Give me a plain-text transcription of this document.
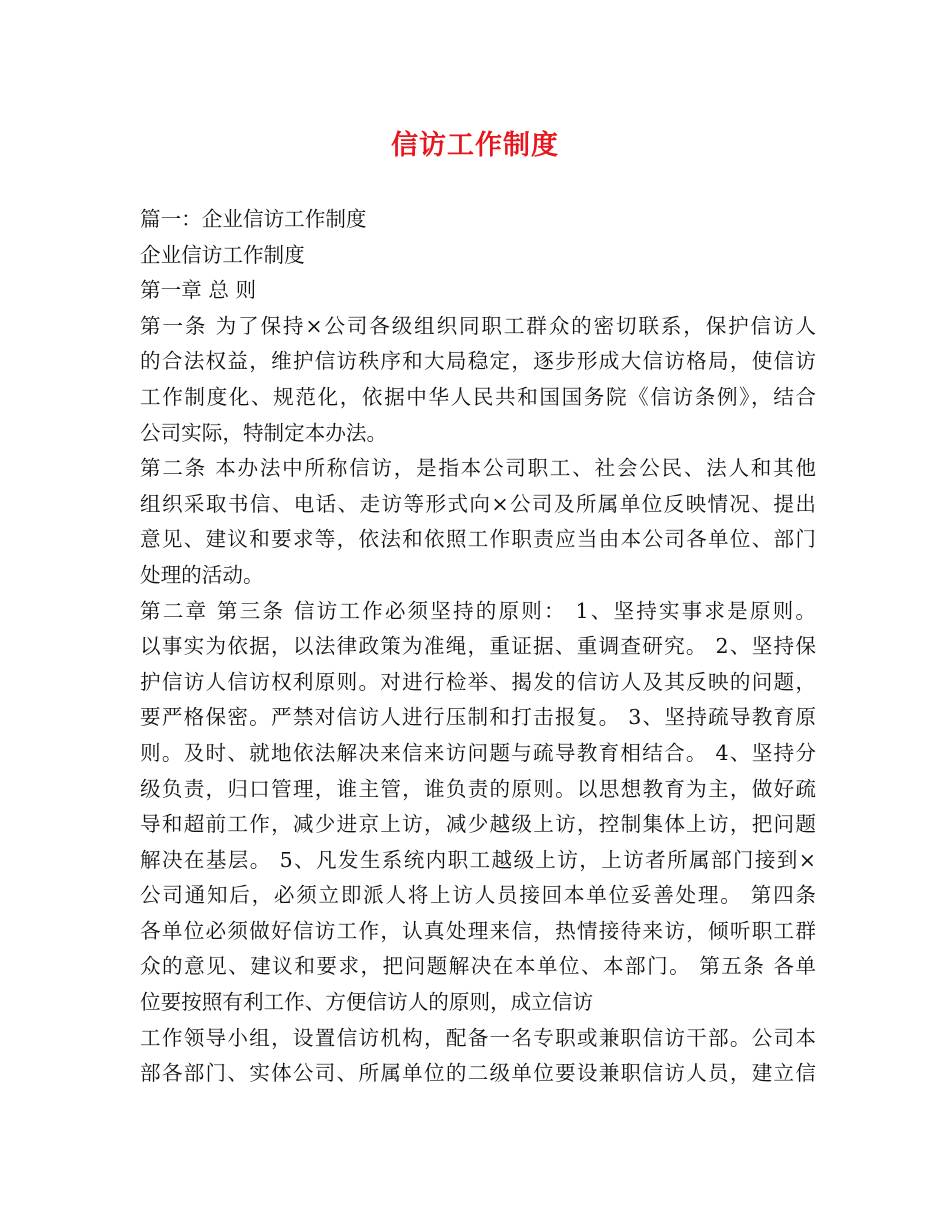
信访工作制度
篇一：企业信访工作制度
企业信访工作制度
第一章 总 则
第一条 为了保持×公司各级组织同职工群众的密切联系，保护信访人
的合法权益，维护信访秩序和大局稳定，逐步形成大信访格局，使信访
工作制度化、规范化，依据中华人民共和国国务院《信访条例》，结合
公司实际，特制定本办法。
第二条 本办法中所称信访，是指本公司职工、社会公民、法人和其他
组织采取书信、电话、走访等形式向×公司及所属单位反映情况、提出
意见、建议和要求等，依法和依照工作职责应当由本公司各单位、部门
处理的活动。
第二章 第三条 信访工作必须坚持的原则： 1、坚持实事求是原则。
以事实为依据，以法律政策为准绳，重证据、重调查研究。 2、坚持保
护信访人信访权利原则。对进行检举、揭发的信访人及其反映的问题，
要严格保密。严禁对信访人进行压制和打击报复。 3、坚持疏导教育原
则。及时、就地依法解决来信来访问题与疏导教育相结合。 4、坚持分
级负责，归口管理，谁主管，谁负责的原则。以思想教育为主，做好疏
导和超前工作，减少进京上访，减少越级上访，控制集体上访，把问题
解决在基层。 5、凡发生系统内职工越级上访，上访者所属部门接到×
公司通知后，必须立即派人将上访人员接回本单位妥善处理。 第四条
各单位必须做好信访工作，认真处理来信，热情接待来访，倾听职工群
众的意见、建议和要求，把问题解决在本单位、本部门。 第五条 各单
位要按照有利工作、方便信访人的原则，成立信访
工作领导小组，设置信访机构，配备一名专职或兼职信访干部。公司本
部各部门、实体公司、所属单位的二级单位要设兼职信访人员，建立信
